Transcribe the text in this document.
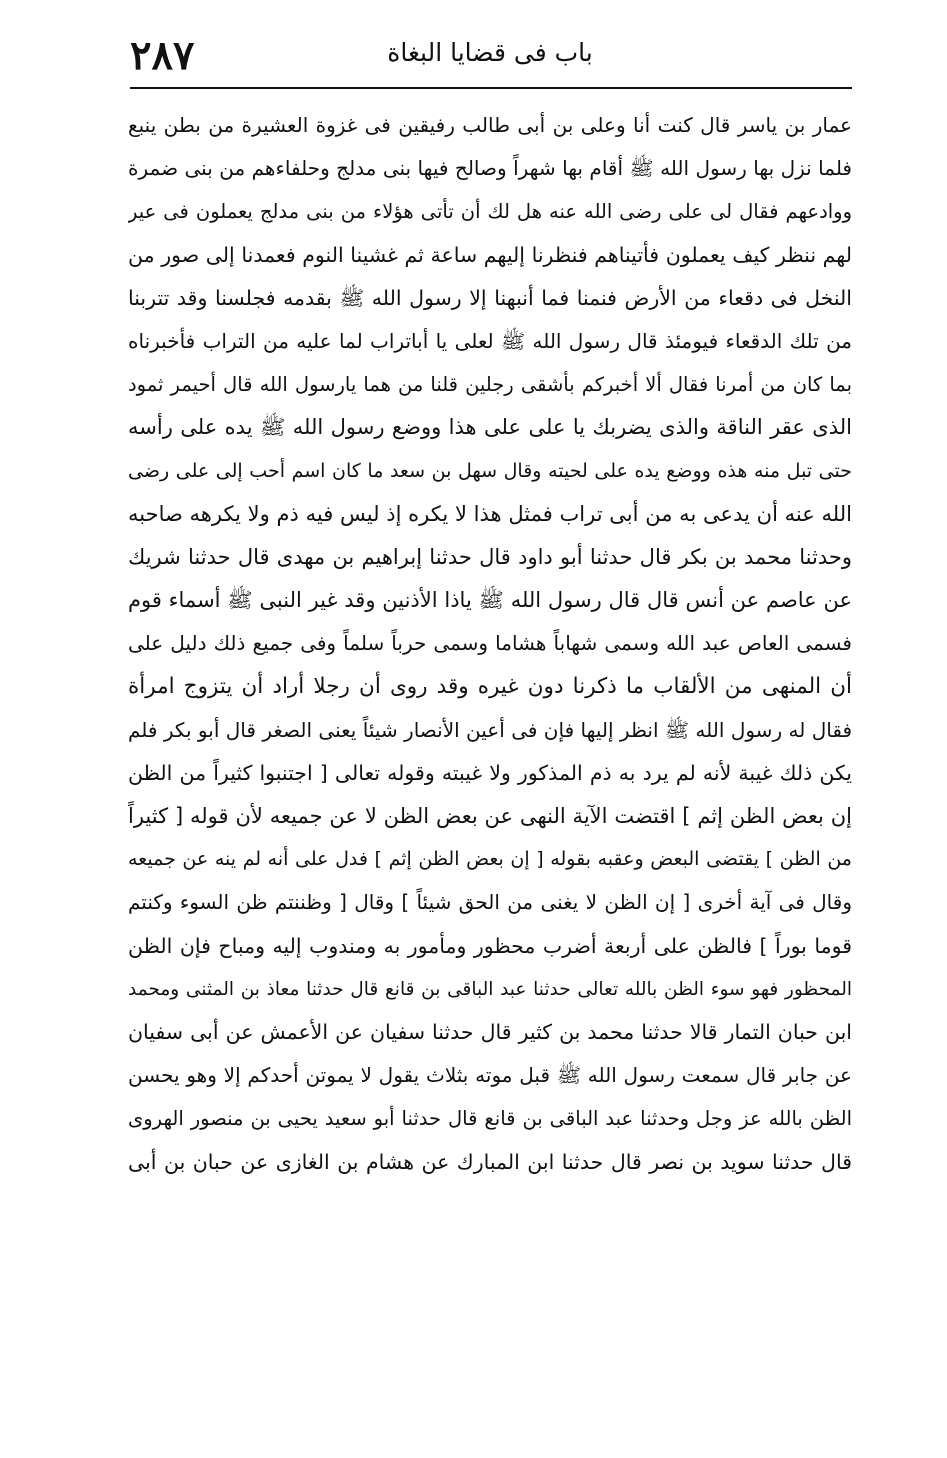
٢٨٧	باب فى قضايا البغاة
عمار بن ياسر قال كنت أنا وعلى بن أبى طالب رفيقين فى غزوة العشيرة من بطن ينبع
فلما نزل بها رسول الله ﷺ أقام بها شهراً وصالح فيها بنى مدلج وحلفاءهم من بنى ضمرة
ووادعهم فقال لى على رضى الله عنه هل لك أن تأتى هؤلاء من بنى مدلج يعملون فى عير
لهم ننظر كيف يعملون فأتيناهم فنظرنا إليهم ساعة ثم غشينا النوم فعمدنا إلى صور من
النخل فى دقعاء من الأرض فنمنا فما أنبهنا إلا رسول الله ﷺ بقدمه فجلسنا وقد تتربنا
من تلك الدقعاء فيومئذ قال رسول الله ﷺ لعلى يا أباتراب لما عليه من التراب فأخبرناه
بما كان من أمرنا فقال ألا أخبركم بأشقى رجلين قلنا من هما يارسول الله قال أحيمر ثمود
الذى عقر الناقة والذى يضربك يا على على هذا ووضع رسول الله ﷺ يده على رأسه
حتى تبل منه هذه ووضع يده على لحيته وقال سهل بن سعد ما كان اسم أحب إلى على رضى
الله عنه أن يدعى به من أبى تراب فمثل هذا لا يكره إذ ليس فيه ذم ولا يكرهه صاحبه
وحدثنا محمد بن بكر قال حدثنا أبو داود قال حدثنا إبراهيم بن مهدى قال حدثنا شريك
عن عاصم عن أنس قال قال رسول الله ﷺ ياذا الأذنين وقد غير النبى ﷺ أسماء قوم
فسمى العاص عبد الله وسمى شهاباً هشاما وسمى حرباً سلماً وفى جميع ذلك دليل على
أن المنهى من الألقاب ما ذكرنا دون غيره وقد روى أن رجلا أراد أن يتزوج امرأة
فقال له رسول الله ﷺ انظر إليها فإن فى أعين الأنصار شيئاً يعنى الصغر قال أبو بكر فلم
يكن ذلك غيبة لأنه لم يرد به ذم المذكور ولا غيبته وقوله تعالى [ اجتنبوا كثيراً من الظن
إن بعض الظن إثم ] اقتضت الآية النهى عن بعض الظن لا عن جميعه لأن قوله [ كثيراً
من الظن ] يقتضى البعض وعقبه بقوله [ إن بعض الظن إثم ] فدل على أنه لم ينه عن جميعه
وقال فى آية أخرى [ إن الظن لا يغنى من الحق شيئاً ] وقال [ وظننتم ظن السوء وكنتم
قوما بوراً ] فالظن على أربعة أضرب محظور ومأمور به ومندوب إليه ومباح فإن الظن
المحظور فهو سوء الظن بالله تعالى حدثنا عبد الباقى بن قانع قال حدثنا معاذ بن المثنى ومحمد
ابن حبان التمار قالا حدثنا محمد بن كثير قال حدثنا سفيان عن الأعمش عن أبى سفيان
عن جابر قال سمعت رسول الله ﷺ قبل موته بثلاث يقول لا يموتن أحدكم إلا وهو يحسن
الظن بالله عز وجل وحدثنا عبد الباقى بن قانع قال حدثنا أبو سعيد يحيى بن منصور الهروى
قال حدثنا سويد بن نصر قال حدثنا ابن المبارك عن هشام بن الغازى عن حبان بن أبى
